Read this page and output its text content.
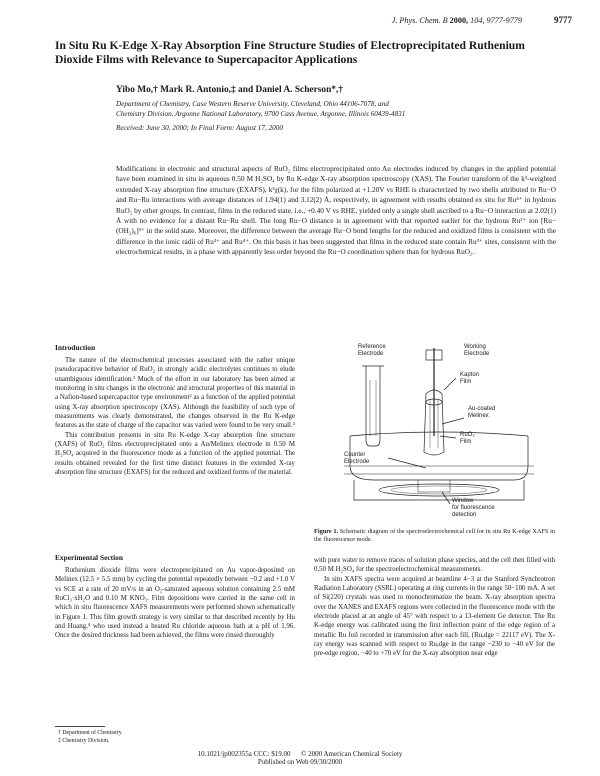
J. Phys. Chem. B 2000, 104, 9777-9779	9777
In Situ Ru K-Edge X-Ray Absorption Fine Structure Studies of Electroprecipitated Ruthenium Dioxide Films with Relevance to Supercapacitor Applications
Yibo Mo,† Mark R. Antonio,‡ and Daniel A. Scherson*,†
Department of Chemistry, Case Western Reserve University, Cleveland, Ohio 44106-7078, and
Chemistry Division, Argonne National Laboratory, 9700 Cass Avenue, Argonne, Illinois 60439-4831
Received: June 30, 2000; In Final Form: August 17, 2000
Modifications in electronic and structural aspects of RuO₂ films electroprecipitated onto Au electrodes induced by changes in the applied potential have been examined in situ in aqueous 0.50 M H₂SO₄ by Ru K-edge X-ray absorption spectroscopy (XAS). The Fourier transform of the k³-weighted extended X-ray absorption fine structure (EXAFS), k³χ(k), for the film polarized at +1.20V vs RHE is characterized by two shells attributed to Ru−O and Ru−Ru interactions with average distances of 1.94(1) and 3.12(2) Å, respectively, in agreement with results obtained ex situ for Ru⁴⁺ in hydrous RuO₂ by other groups. In contrast, films in the reduced state, i.e., +0.40 V vs RHE, yielded only a single shell ascribed to a Ru−O interaction at 2.02(1) Å with no evidence for a distant Ru−Ru shell. The long Ru−O distance is in agreement with that reported earlier for the hydrous Ru³⁺ ion [Ru−(OH₂)₆]³⁺ in the solid state. Moreover, the difference between the average Ru−O bond lengths for the reduced and oxidized films is consistent with the difference in the ionic radii of Ru³⁺ and Ru⁴⁺. On this basis it has been suggested that films in the reduced state contain Ru³⁺ sites, consistent with the electrochemical results, in a phase with apparently less order beyond the Ru−O coordination sphere than for hydrous RuO₂.
Introduction

The nature of the electrochemical processes associated with the rather unique pseudocapacitive behavior of RuO₂ in strongly acidic electrolytes continues to elude unambiguous identification.¹ Much of the effort in our laboratory has been aimed at monitoring in situ changes in the electronic and structural properties of this material in a Nafion-based supercapacitor type environment² as a function of the applied potential using X-ray absorption spectroscopy (XAS). Although the feasibility of such type of measurements was clearly demonstrated, the changes observed in the Ru K-edge features as the state of charge of the capacitor was varied were found to be very small.³

This contribution presents in situ Ru K-edge X-ray absorption fine structure (XAFS) of RuO₂ films electroprecipitated onto a Au/Melinex electrode in 0.50 M H₂SO₄ acquired in the fluorescence mode as a function of the applied potential. The results obtained revealed for the first time distinct features in the extended X-ray absorption fine structure (EXAFS) for the reduced and oxidized forms of the material.

Experimental Section

Ruthenium dioxide films were electroprecipitated on Au vapor-deposited on Melinex (12.5 × 5.5 mm) by cycling the potential repeatedly between −0.2 and +1.0 V vs SCE at a rate of 20 mV/s in an O₂-saturated aqueous solution containing 2.5 mM RuCl₃·xH₂O and 0.10 M KNO₃. Film depositions were carried in the same cell in which in situ fluorescence XAFS measurements were performed shown schematically in Figure 1. This film growth strategy is very similar to that described recently by Hu and Huang,⁴ who used instead a heated Ru chloride aqueous bath at a pH of 1.96. Once the desired thickness had been achieved, the films were rinsed thoroughly

† Department of Chemistry.
‡ Chemistry Division.
Reference
Electrode
Working
Electrode
Kapton
Film
Au-coated
Melinex
RuO₂
Film
Counter
Electrode
Window
for fluorescence
detection
Figure 1. Schematic diagram of the spectroelectrochemical cell for in situ Ru K-edge XAFS in the fluorescence mode.

with pure water to remove traces of solution phase species, and the cell then filled with 0.50 M H₂SO₄ for the spectroelectrochemical measurements.

In situ XAFS spectra were acquired at beamline 4−3 at the Stanford Synchrotron Radiation Laboratory (SSRL) operating at ring currents in the range 50−100 mA. A set of Si(220) crystals was used to monochromatize the beam. X-ray absorption spectra over the XANES and EXAFS regions were collected in the fluorescence mode with the electrode placed at an angle of 45° with respect to a 13-element Ge detector. The Ru K-edge energy was calibrated using the first inflection point of the edge region of a metallic Ru foil recorded in transmission after each fill, (Ruₑdge = 22117 eV). The X-ray energy was scanned with respect to Ruₑdge in the range −230 to −40 eV for the pre-edge region, −40 to +70 eV for the X-ray absorption near edge

10.1021/jp002355a CCC: $19.00 © 2000 American Chemical Society
Published on Web 09/30/2000
